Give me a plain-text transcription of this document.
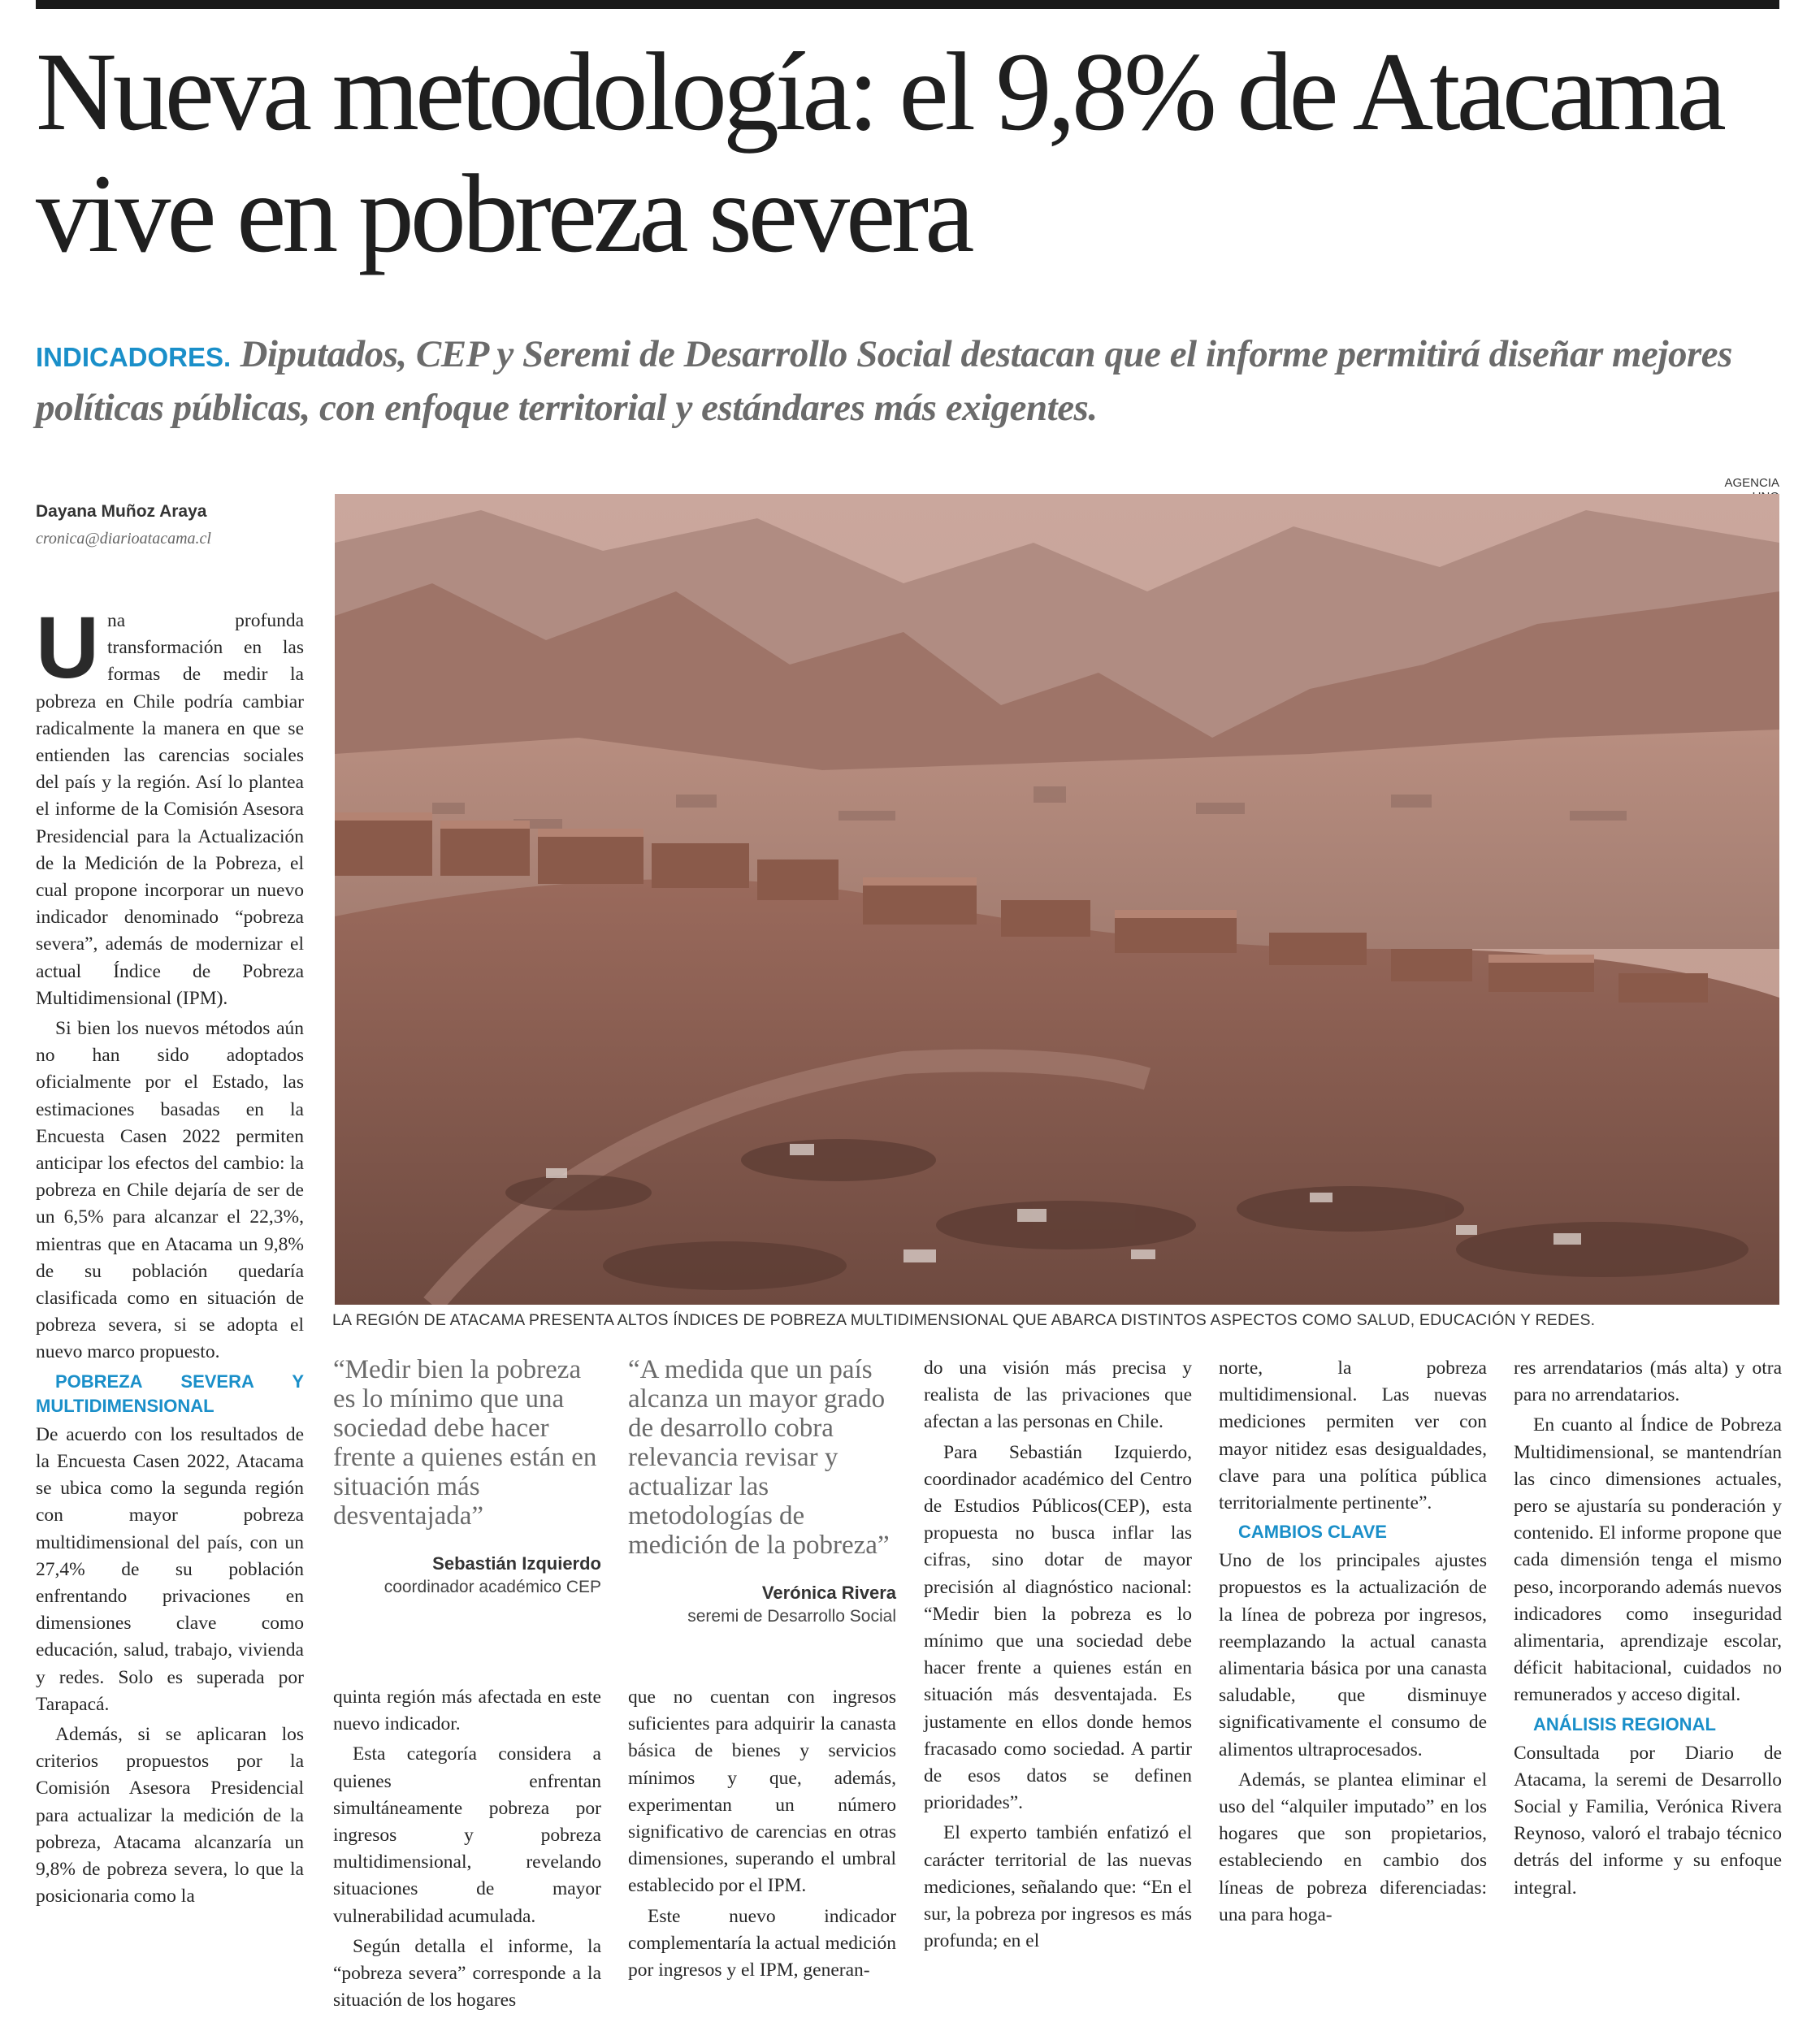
Nueva metodología: el 9,8% de Atacama vive en pobreza severa

INDICADORES. Diputados, CEP y Seremi de Desarrollo Social destacan que el informe permitirá diseñar mejores políticas públicas, con enfoque territorial y estándares más exigentes.

AGENCIA
Dayana Muñoz Araya
cronica@diarioatacama.cl
LA REGIÓN DE ATACAMA PRESENTA ALTOS ÍNDICES DE POBREZA MULTIDIMENSIONAL QUE ABARCA DISTINTOS ASPECTOS COMO SALUD, EDUCACIÓN Y REDES.

Una profunda transformación en las formas de medir la pobreza en Chile podría cambiar radicalmente la manera en que se entienden las carencias sociales del país y la región. Así lo plantea el informe de la Comisión Asesora Presidencial para la Actualización de la Medición de la Pobreza, el cual propone incorporar un nuevo indicador denominado “pobreza severa”, además de modernizar el actual Índice de Pobreza Multidimensional (IPM).

Si bien los nuevos métodos aún no han sido adoptados oficialmente por el Estado, las estimaciones basadas en la Encuesta Casen 2022 permiten anticipar los efectos del cambio: la pobreza en Chile dejaría de ser de un 6,5% para alcanzar el 22,3%, mientras que en Atacama un 9,8% de su población quedaría clasificada como en situación de pobreza severa, si se adopta el nuevo marco propuesto.

POBREZA SEVERA Y MULTIDIMENSIONAL

De acuerdo con los resultados de la Encuesta Casen 2022, Atacama se ubica como la segunda región con mayor pobreza multidimensional del país, con un 27,4% de su población enfrentando privaciones en dimensiones clave como educación, salud, trabajo, vivienda y redes. Solo es superada por Tarapacá.

Además, si se aplicaran los criterios propuestos por la Comisión Asesora Presidencial para actualizar la medición de la pobreza, Atacama alcanzaría un 9,8% de pobreza severa, lo que la posicionaria como la

“Medir bien la pobreza es lo mínimo que una sociedad debe hacer frente a quienes están en situación más desventajada”
Sebastián Izquierdo
coordinador académico CEP
“A medida que un país alcanza un mayor grado de desarrollo cobra relevancia revisar y actualizar las metodologías de medición de la pobreza”
Verónica Rivera
seremi de Desarrollo Social

quinta región más afectada en este nuevo indicador.

Esta categoría considera a quienes enfrentan simultáneamente pobreza por ingresos y pobreza multidimensional, revelando situaciones de mayor vulnerabilidad acumulada.

Según detalla el informe, la “pobreza severa” corresponde a la situación de los hogares

que no cuentan con ingresos suficientes para adquirir la canasta básica de bienes y servicios mínimos y que, además, experimentan un número significativo de carencias en otras dimensiones, superando el umbral establecido por el IPM.

Este nuevo indicador complementaría la actual medición por ingresos y el IPM, generan-

do una visión más precisa y realista de las privaciones que afectan a las personas en Chile.

Para Sebastián Izquierdo, coordinador académico del Centro de Estudios Públicos(CEP), esta propuesta no busca inflar las cifras, sino dotar de mayor precisión al diagnóstico nacional: “Medir bien la pobreza es lo mínimo que una sociedad debe hacer frente a quienes están en situación más desventajada. Es justamente en ellos donde hemos fracasado como sociedad. A partir de esos datos se definen prioridades”.

El experto también enfatizó el carácter territorial de las nuevas mediciones, señalando que: “En el sur, la pobreza por ingresos es más profunda; en el

norte, la pobreza multidimensional. Las nuevas mediciones permiten ver con mayor nitidez esas desigualdades, clave para una política pública territorialmente pertinente”.

CAMBIOS CLAVE

Uno de los principales ajustes propuestos es la actualización de la línea de pobreza por ingresos, reemplazando la actual canasta alimentaria básica por una canasta saludable, que disminuye significativamente el consumo de alimentos ultraprocesados.

Además, se plantea eliminar el uso del “alquiler imputado” en los hogares que son propietarios, estableciendo en cambio dos líneas de pobreza diferenciadas: una para hoga-

res arrendatarios (más alta) y otra para no arrendatarios.

En cuanto al Índice de Pobreza Multidimensional, se mantendrían las cinco dimensiones actuales, pero se ajustaría su ponderación y contenido. El informe propone que cada dimensión tenga el mismo peso, incorporando además nuevos indicadores como inseguridad alimentaria, aprendizaje escolar, déficit habitacional, cuidados no remunerados y acceso digital.

ANÁLISIS REGIONAL

Consultada por Diario de Atacama, la seremi de Desarrollo Social y Familia, Verónica Rivera Reynoso, valoró el trabajo técnico detrás del informe y su enfoque integral.
